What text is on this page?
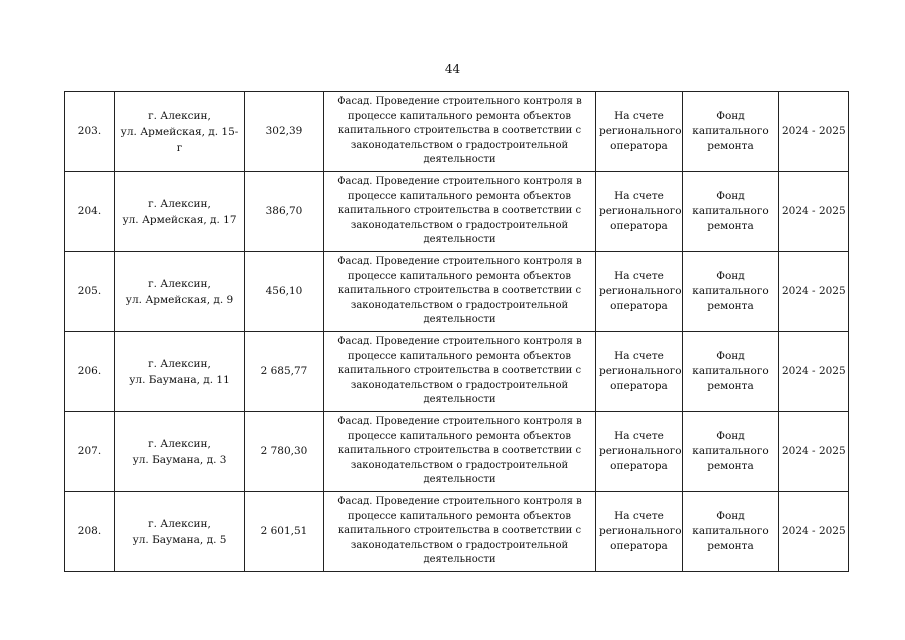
44
203.	г. Алексин,
ул. Армейская, д. 15-г	302,39	Фасад. Проведение строительного контроля в
процессе капитального ремонта объектов
капитального строительства в соответствии с
законодательством о градостроительной
деятельности	На счете
регионального
оператора	Фонд
капитального
ремонта	2024 - 2025
204.	г. Алексин,
ул. Армейская, д. 17	386,70	Фасад. Проведение строительного контроля в
процессе капитального ремонта объектов
капитального строительства в соответствии с
законодательством о градостроительной
деятельности	На счете
регионального
оператора	Фонд
капитального
ремонта	2024 - 2025
205.	г. Алексин,
ул. Армейская, д. 9	456,10	Фасад. Проведение строительного контроля в
процессе капитального ремонта объектов
капитального строительства в соответствии с
законодательством о градостроительной
деятельности	На счете
регионального
оператора	Фонд
капитального
ремонта	2024 - 2025
206.	г. Алексин,
ул. Баумана, д. 11	2 685,77	Фасад. Проведение строительного контроля в
процессе капитального ремонта объектов
капитального строительства в соответствии с
законодательством о градостроительной
деятельности	На счете
регионального
оператора	Фонд
капитального
ремонта	2024 - 2025
207.	г. Алексин,
ул. Баумана, д. 3	2 780,30	Фасад. Проведение строительного контроля в
процессе капитального ремонта объектов
капитального строительства в соответствии с
законодательством о градостроительной
деятельности	На счете
регионального
оператора	Фонд
капитального
ремонта	2024 - 2025
208.	г. Алексин,
ул. Баумана, д. 5	2 601,51	Фасад. Проведение строительного контроля в
процессе капитального ремонта объектов
капитального строительства в соответствии с
законодательством о градостроительной
деятельности	На счете
регионального
оператора	Фонд
капитального
ремонта	2024 - 2025
